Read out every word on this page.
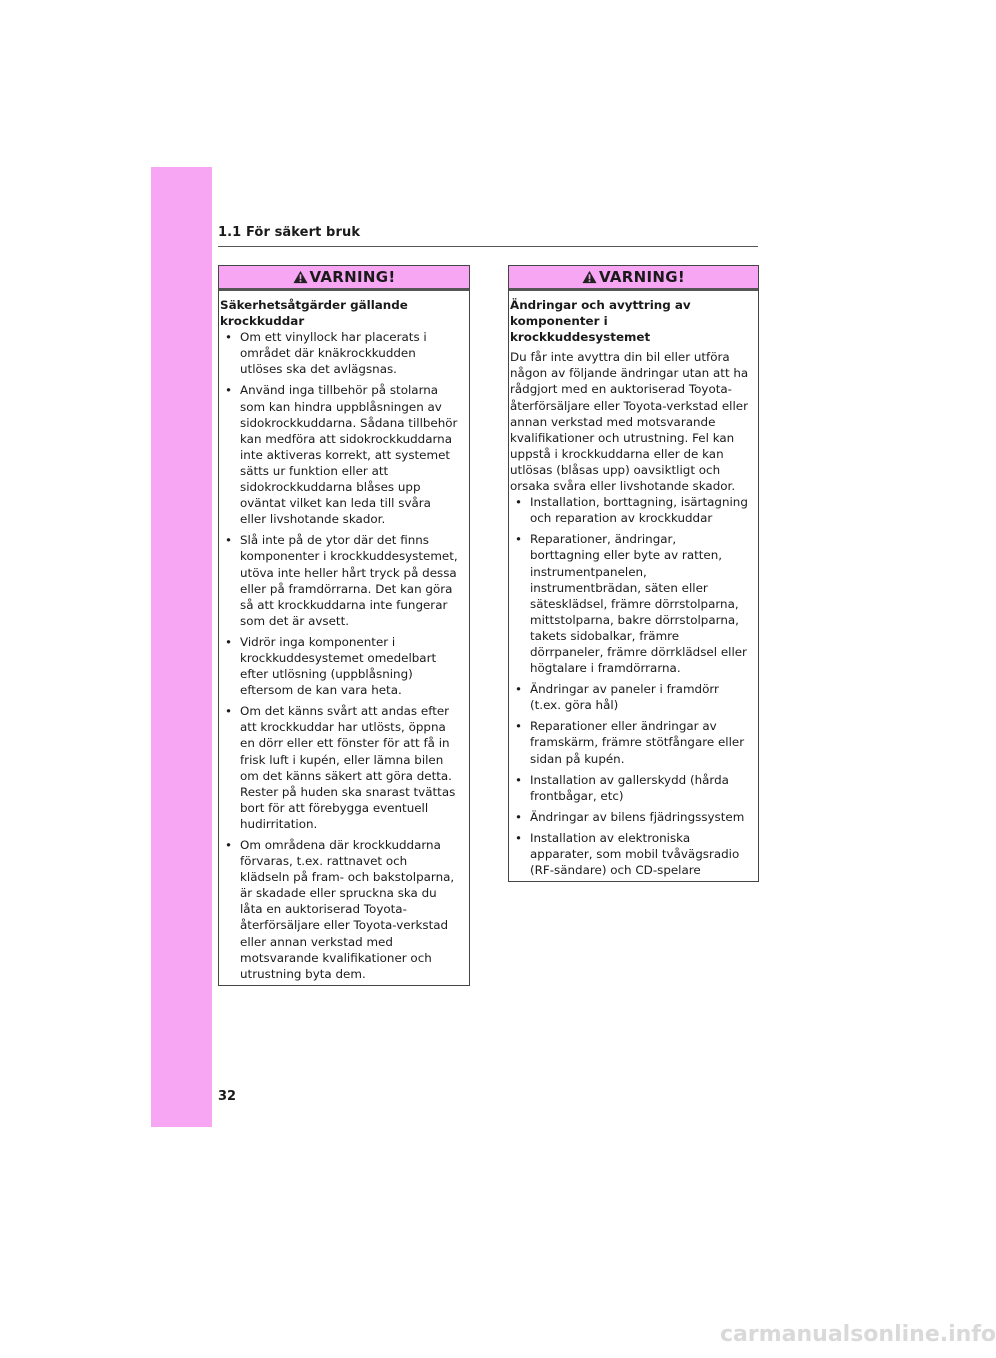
1.1 För säkert bruk
VARNING!
Säkerhetsåtgärder gällande krockkuddar
• Om ett vinyllock har placerats i området där knäkrockkudden utlöses ska det avlägsnas.
• Använd inga tillbehör på stolarna som kan hindra uppblåsningen av sidokrockkuddarna. Sådana tillbehör kan medföra att sidokrockkuddarna inte aktiveras korrekt, att systemet sätts ur funktion eller att sidokrockkuddarna blåses upp oväntat vilket kan leda till svåra eller livshotande skador.
• Slå inte på de ytor där det finns komponenter i krockkuddesystemet, utöva inte heller hårt tryck på dessa eller på framdörrarna. Det kan göra så att krockkuddarna inte fungerar som det är avsett.
• Vidrör inga komponenter i krockkuddesystemet omedelbart efter utlösning (uppblåsning) eftersom de kan vara heta.
• Om det känns svårt att andas efter att krockkuddar har utlösts, öppna en dörr eller ett fönster för att få in frisk luft i kupén, eller lämna bilen om det känns säkert att göra detta. Rester på huden ska snarast tvättas bort för att förebygga eventuell hudirritation.
• Om områdena där krockkuddarna förvaras, t.ex. rattnavet och klädseln på fram- och bakstolparna, är skadade eller spruckna ska du låta en auktoriserad Toyota-återförsäljare eller Toyota-verkstad eller annan verkstad med motsvarande kvalifikationer och utrustning byta dem.
VARNING!
Ändringar och avyttring av komponenter i krockkuddesystemet
Du får inte avyttra din bil eller utföra någon av följande ändringar utan att ha rådgjort med en auktoriserad Toyota-återförsäljare eller Toyota-verkstad eller annan verkstad med motsvarande kvalifikationer och utrustning. Fel kan uppstå i krockkuddarna eller de kan utlösas (blåsas upp) oavsiktligt och orsaka svåra eller livshotande skador.
• Installation, borttagning, isärtagning och reparation av krockkuddar
• Reparationer, ändringar, borttagning eller byte av ratten, instrumentpanelen, instrumentbrädan, säten eller sätesklädsel, främre dörrstolparna, mittstolparna, bakre dörrstolparna, takets sidobalkar, främre dörrpaneler, främre dörrklädsel eller högtalare i framdörrarna.
• Ändringar av paneler i framdörr (t.ex. göra hål)
• Reparationer eller ändringar av framskärm, främre stötfångare eller sidan på kupén.
• Installation av gallerskydd (hårda frontbågar, etc)
• Ändringar av bilens fjädringssystem
• Installation av elektroniska apparater, som mobil tvåvägsradio (RF-sändare) och CD-spelare
32
carmanualsonline.info
